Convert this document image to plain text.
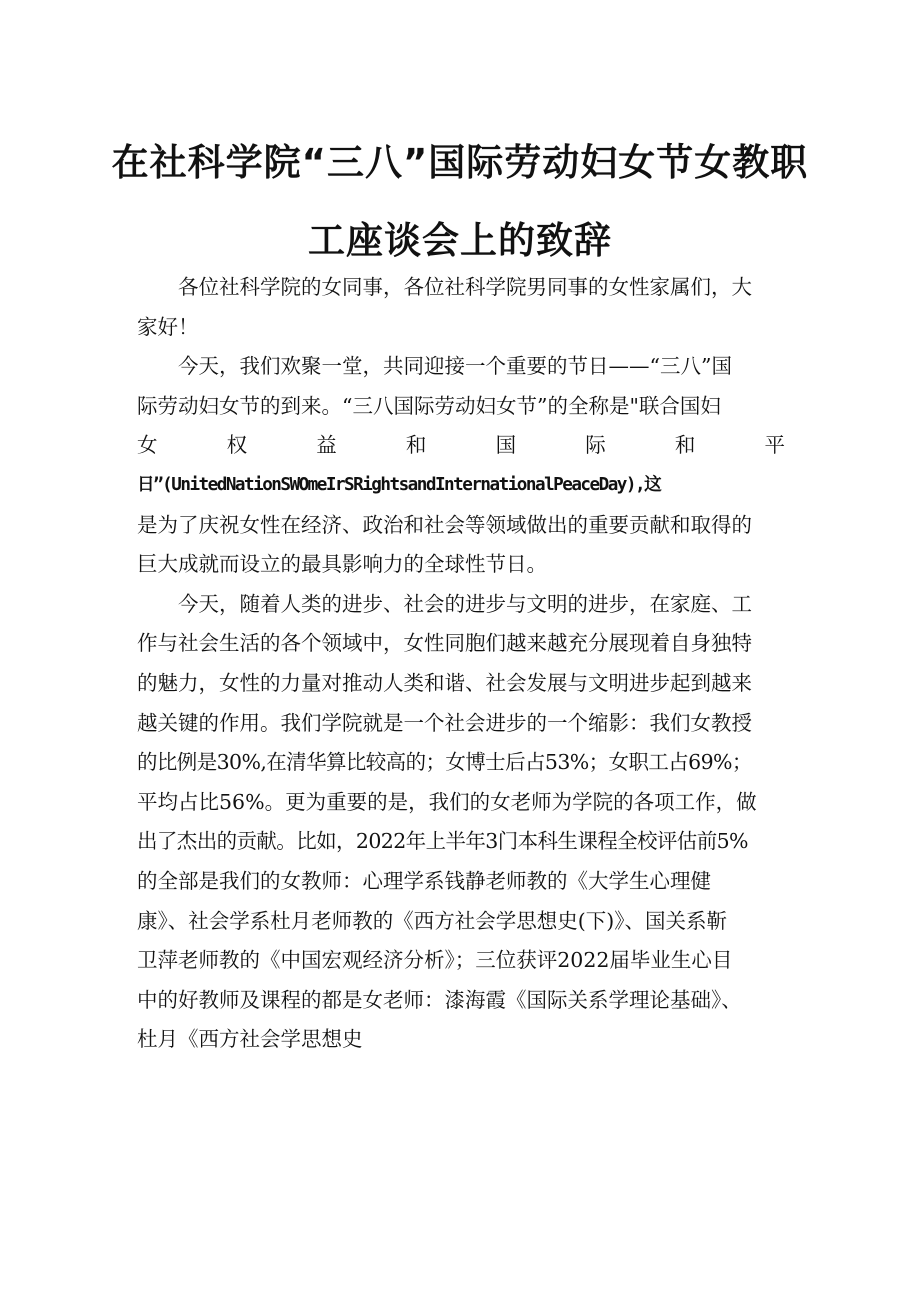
在社科学院“三八”国际劳动妇女节女教职
工座谈会上的致辞
各位社科学院的女同事，各位社科学院男同事的女性家属们，大
家好！
今天，我们欢聚一堂，共同迎接一个重要的节日——“三八”国
际劳动妇女节的到来。“三八国际劳动妇女节”的全称是"联合国妇
女	权	益	和	国	际	和	平
日”(UnitedNationSWOmeIrSRightsandInternationalPeaceDay),这
是为了庆祝女性在经济、政治和社会等领域做出的重要贡献和取得的
巨大成就而设立的最具影响力的全球性节日。
今天，随着人类的进步、社会的进步与文明的进步，在家庭、工
作与社会生活的各个领域中，女性同胞们越来越充分展现着自身独特
的魅力，女性的力量对推动人类和谐、社会发展与文明进步起到越来
越关键的作用。我们学院就是一个社会进步的一个缩影：我们女教授
的比例是30%,在清华算比较高的；女博士后占53%；女职工占69%；
平均占比56%。更为重要的是，我们的女老师为学院的各项工作，做
出了杰出的贡献。比如，2022年上半年3门本科生课程全校评估前5%
的全部是我们的女教师：心理学系钱静老师教的《大学生心理健
康》、社会学系杜月老师教的《西方社会学思想史(下)》、国关系靳
卫萍老师教的《中国宏观经济分析》；三位获评2022届毕业生心目
中的好教师及课程的都是女老师：漆海霞《国际关系学理论基础》、
杜月《西方社会学思想史
